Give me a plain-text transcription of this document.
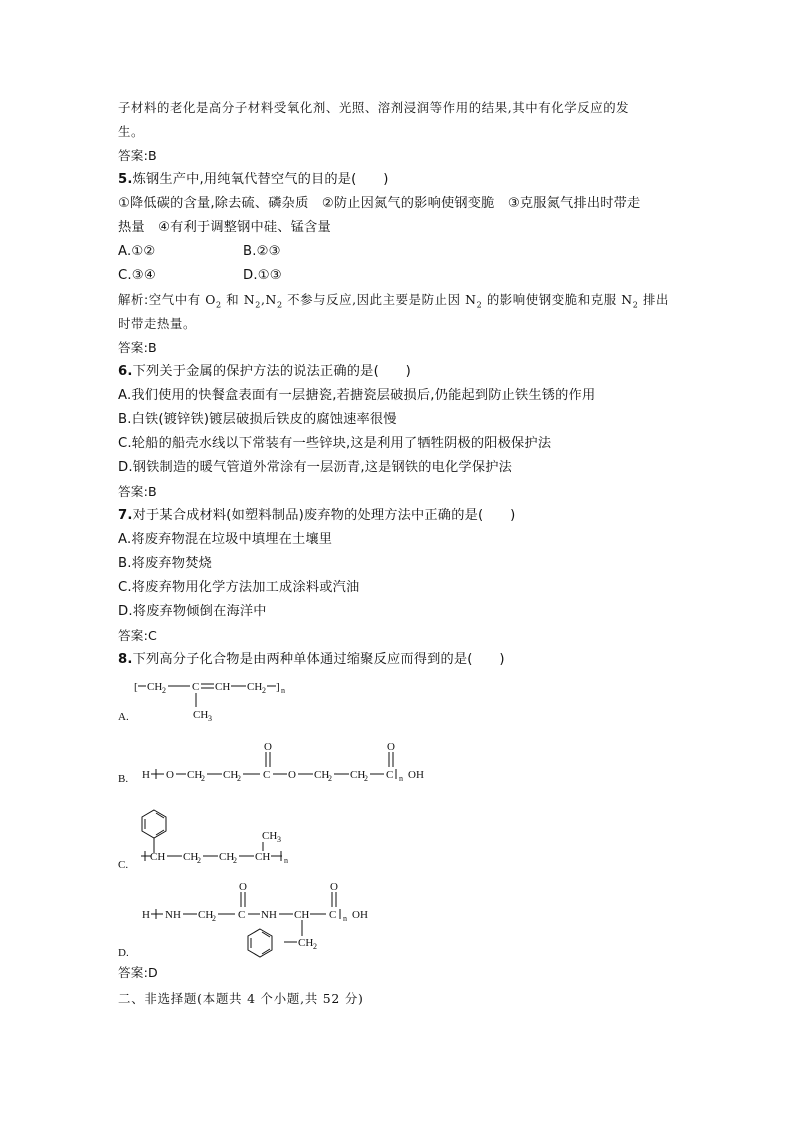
子材料的老化是高分子材料受氧化剂、光照、溶剂浸润等作用的结果,其中有化学反应的发
生。
答案:B
5.炼钢生产中,用纯氧代替空气的目的是(　　)
①降低碳的含量,除去硫、磷杂质　②防止因氮气的影响使钢变脆　③克服氮气排出时带走
热量　④有利于调整钢中硅、锰含量
A.①②	B.②③
C.③④	D.①③
解析:空气中有 $O_2$ 和 $N_2,N_2$ 不参与反应,因此主要是防止因 $N_2$ 的影响使钢变脆和克服 $N_2$ 排出
时带走热量。
答案:B
6.下列关于金属的保护方法的说法正确的是(　　)
A.我们使用的快餐盒表面有一层搪瓷,若搪瓷层破损后,仍能起到防止铁生锈的作用
B.白铁(镀锌铁)镀层破损后铁皮的腐蚀速率很慢
C.轮船的船壳水线以下常装有一些锌块,这是利用了牺牲阴极的阳极保护法
D.钢铁制造的暖气管道外常涂有一层沥青,这是钢铁的电化学保护法
答案:B
7.对于某合成材料(如塑料制品)废弃物的处理方法中正确的是(　　)
A.将废弃物混在垃圾中填埋在土壤里
B.将废弃物焚烧
C.将废弃物用化学方法加工成涂料或汽油
D.将废弃物倾倒在海洋中
答案:C
8.下列高分子化合物是由两种单体通过缩聚反应而得到的是(　　)
A.
[ CH 2 C CH CH 2 ] n
CH 3
B. H O CH
2 CH
2 C
O
O CH
2 CH
2 C
O
n OH
C.
CH CH
2 CH
2 CH n
CH 3
D.
H NH CH
2 C
O
NH CH C
O
n OH
CH 2
答案:D
二、非选择题(本题共 4 个小题,共 52 分)
